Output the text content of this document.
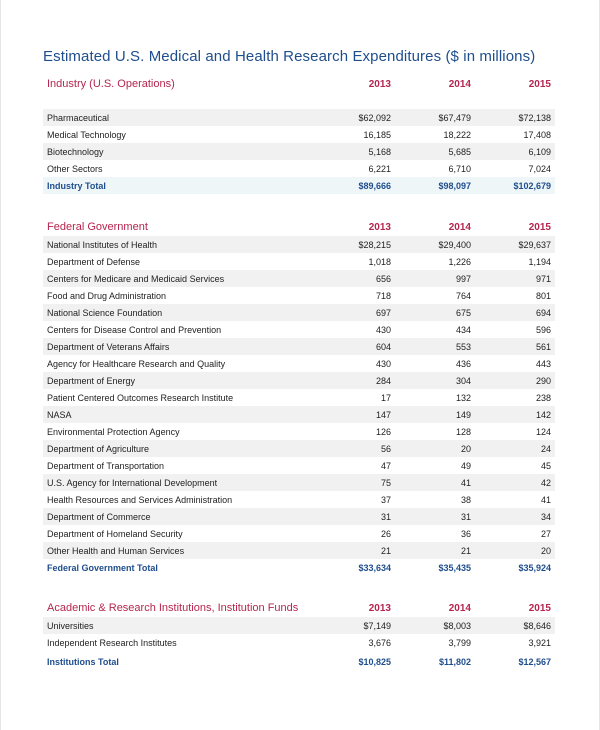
Estimated U.S. Medical and Health Research Expenditures ($ in millions)
Industry (U.S. Operations)	2013	2014	2015
Pharmaceutical	$62,092	$67,479	$72,138
Medical Technology	16,185	18,222	17,408
Biotechnology	5,168	5,685	6,109
Other Sectors	6,221	6,710	7,024
Industry Total	$89,666	$98,097	$102,679
Federal Government	2013	2014	2015
National Institutes of Health	$28,215	$29,400	$29,637
Department of Defense	1,018	1,226	1,194
Centers for Medicare and Medicaid Services	656	997	971
Food and Drug Administration	718	764	801
National Science Foundation	697	675	694
Centers for Disease Control and Prevention	430	434	596
Department of Veterans Affairs	604	553	561
Agency for Healthcare Research and Quality	430	436	443
Department of Energy	284	304	290
Patient Centered Outcomes Research Institute	17	132	238
NASA	147	149	142
Environmental Protection Agency	126	128	124
Department of Agriculture	56	20	24
Department of Transportation	47	49	45
U.S. Agency for International Development	75	41	42
Health Resources and Services Administration	37	38	41
Department of Commerce	31	31	34
Department of Homeland Security	26	36	27
Other Health and Human Services	21	21	20
Federal Government Total	$33,634	$35,435	$35,924
Academic & Research Institutions, Institution Funds	2013	2014	2015
Universities	$7,149	$8,003	$8,646
Independent Research Institutes	3,676	3,799	3,921
Institutions Total	$10,825	$11,802	$12,567
